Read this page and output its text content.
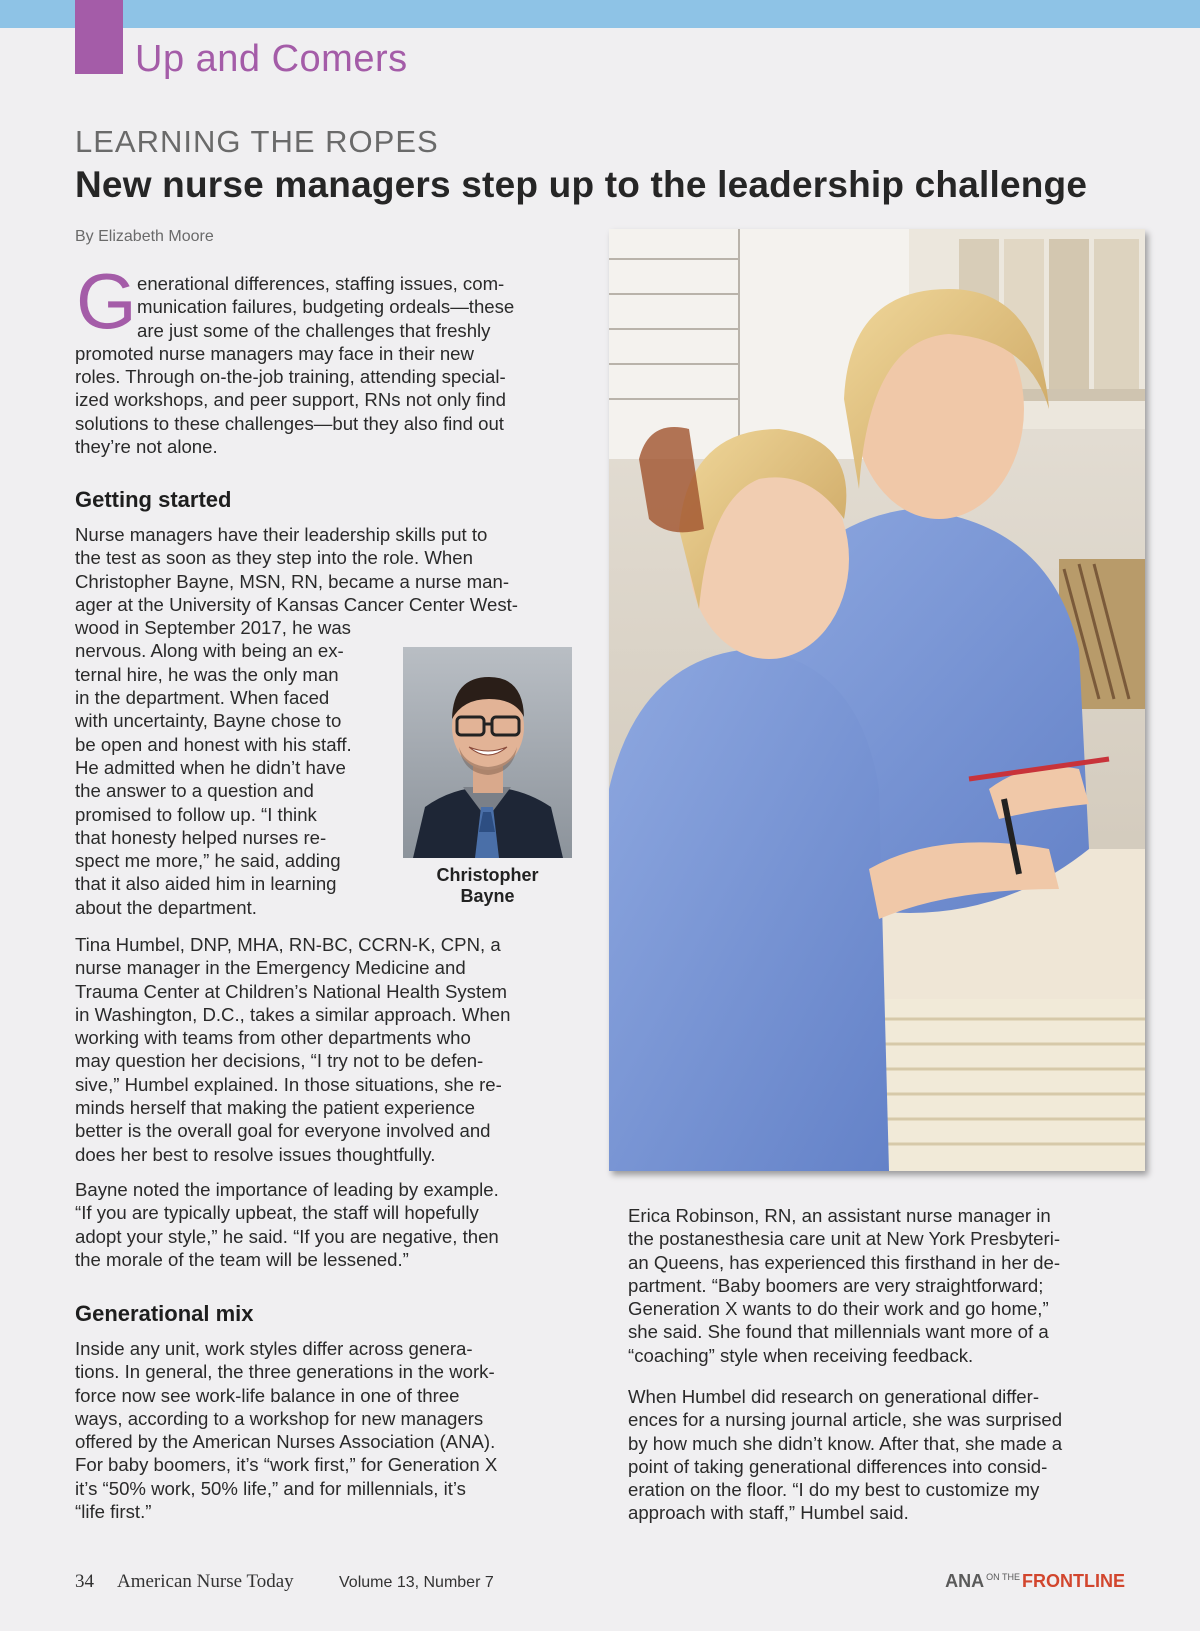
Up and Comers
LEARNING THE ROPES
New nurse managers step up to the leadership challenge
By Elizabeth Moore
G enerational differences, staffing issues, com-
munication failures, budgeting ordeals—these
are just some of the challenges that freshly
promoted nurse managers may face in their new
roles. Through on-the-job training, attending special-
ized workshops, and peer support, RNs not only find
solutions to these challenges—but they also find out
they’re not alone.
Getting started
Nurse managers have their leadership skills put to
the test as soon as they step into the role. When
Christopher Bayne, MSN, RN, became a nurse man-
ager at the University of Kansas Cancer Center West-
wood in September 2017, he was
nervous. Along with being an ex-
ternal hire, he was the only man
in the department. When faced
with uncertainty, Bayne chose to
be open and honest with his staff.
He admitted when he didn’t have
the answer to a question and
promised to follow up. “I think
that honesty helped nurses re-
spect me more,” he said, adding
that it also aided him in learning
about the department.
Christopher
Bayne
Tina Humbel, DNP, MHA, RN-BC, CCRN-K, CPN, a
nurse manager in the Emergency Medicine and
Trauma Center at Children’s National Health System
in Washington, D.C., takes a similar approach. When
working with teams from other departments who
may question her decisions, “I try not to be defen-
sive,” Humbel explained. In those situations, she re-
minds herself that making the patient experience
better is the overall goal for everyone involved and
does her best to resolve issues thoughtfully.
Bayne noted the importance of leading by example.
“If you are typically upbeat, the staff will hopefully
adopt your style,” he said. “If you are negative, then
the morale of the team will be lessened.”
Generational mix
Inside any unit, work styles differ across genera-
tions. In general, the three generations in the work-
force now see work-life balance in one of three
ways, according to a workshop for new managers
offered by the American Nurses Association (ANA).
For baby boomers, it’s “work first,” for Generation X
it’s “50% work, 50% life,” and for millennials, it’s
“life first.”
Erica Robinson, RN, an assistant nurse manager in
the postanesthesia care unit at New York Presbyteri-
an Queens, has experienced this firsthand in her de-
partment. “Baby boomers are very straightforward;
Generation X wants to do their work and go home,”
she said. She found that millennials want more of a
“coaching” style when receiving feedback.
When Humbel did research on generational differ-
ences for a nursing journal article, she was surprised
by how much she didn’t know. After that, she made a
point of taking generational differences into consid-
eration on the floor. “I do my best to customize my
approach with staff,” Humbel said.
34 American Nurse Today	Volume 13, Number 7	ANA $^{ON THE}$ FRONTLINE
